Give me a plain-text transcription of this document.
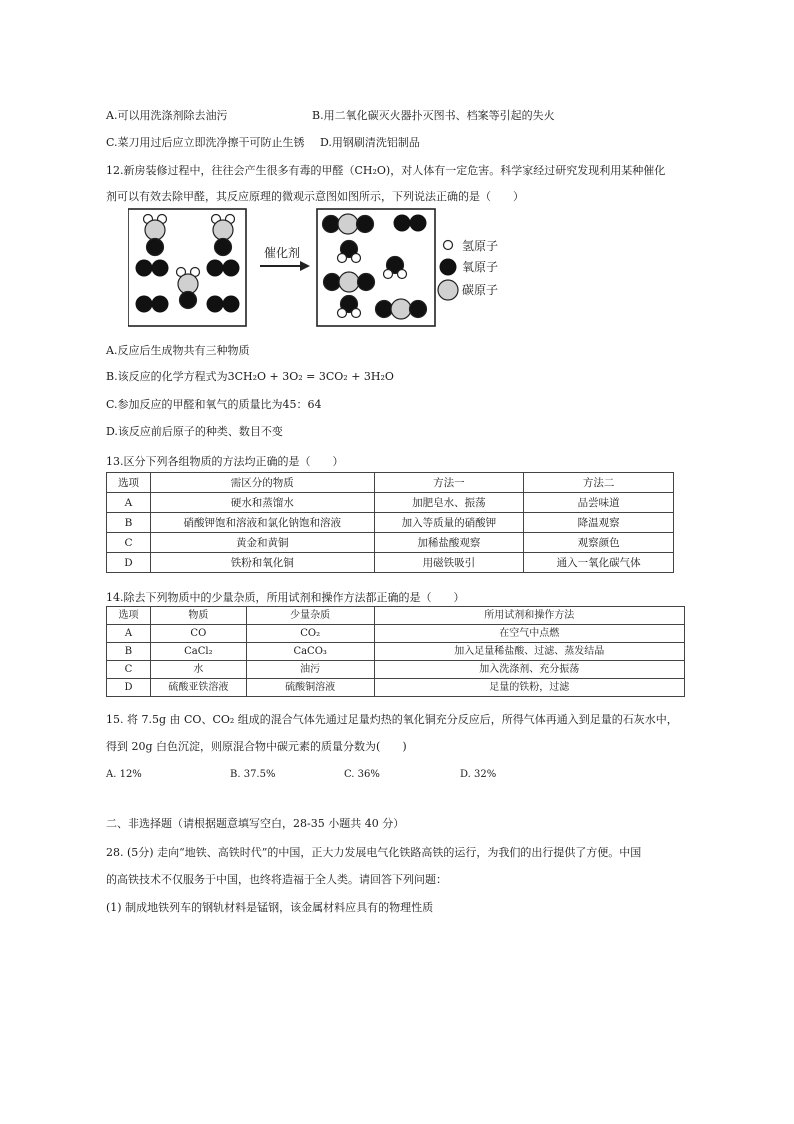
A.可以用洗涤剂除去油污	B.用二氧化碳灭火器扑灭图书、档案等引起的失火
C.菜刀用过后应立即洗净擦干可防止生锈 D.用钢刷清洗铝制品
12.新房装修过程中，往往会产生很多有毒的甲醛（CH₂O)，对人体有一定危害。科学家经过研究发现利用某种催化
剂可以有效去除甲醛，其反应原理的微观示意图如图所示，下列说法正确的是（　　）
催化剂	氢原子
氧原子
碳原子
A.反应后生成物共有三种物质
B.该反应的化学方程式为3CH₂O + 3O₂ = 3CO₂ + 3H₂O
C.参加反应的甲醛和氧气的质量比为45：64
D.该反应前后原子的种类、数目不变
13.区分下列各组物质的方法均正确的是（　　）
选项	需区分的物质	方法一	方法二
A	硬水和蒸馏水	加肥皂水、振荡	品尝味道
B	硝酸钾饱和溶液和氯化钠饱和溶液	加入等质量的硝酸钾	降温观察
C	黄金和黄铜	加稀盐酸观察	观察颜色
D	铁粉和氧化铜	用磁铁吸引	通入一氧化碳气体
14.除去下列物质中的少量杂质，所用试剂和操作方法都正确的是（　　）
选项	物质	少量杂质	所用试剂和操作方法
A	CO	CO₂	在空气中点燃
B	CaCl₂	CaCO₃	加入足量稀盐酸、过滤、蒸发结晶
C	水	油污	加入洗涤剂、充分振荡
D	硫酸亚铁溶液	硫酸铜溶液	足量的铁粉，过滤
15. 将 7.5g 由 CO、CO₂ 组成的混合气体先通过足量灼热的氧化铜充分反应后，所得气体再通入到足量的石灰水中，
得到 20g 白色沉淀，则原混合物中碳元素的质量分数为(　　)
A. 12%	B. 37.5%	C. 36%	D. 32%
二、非选择题（请根据题意填写空白，28-35 小题共 40 分）
28. (5分) 走向“地铁、高铁时代”的中国，正大力发展电气化铁路高铁的运行，为我们的出行提供了方便。中国
的高铁技术不仅服务于中国，也终将造福于全人类。请回答下列问题：
(1) 制成地铁列车的钢轨材料是锰钢，该金属材料应具有的物理性质
